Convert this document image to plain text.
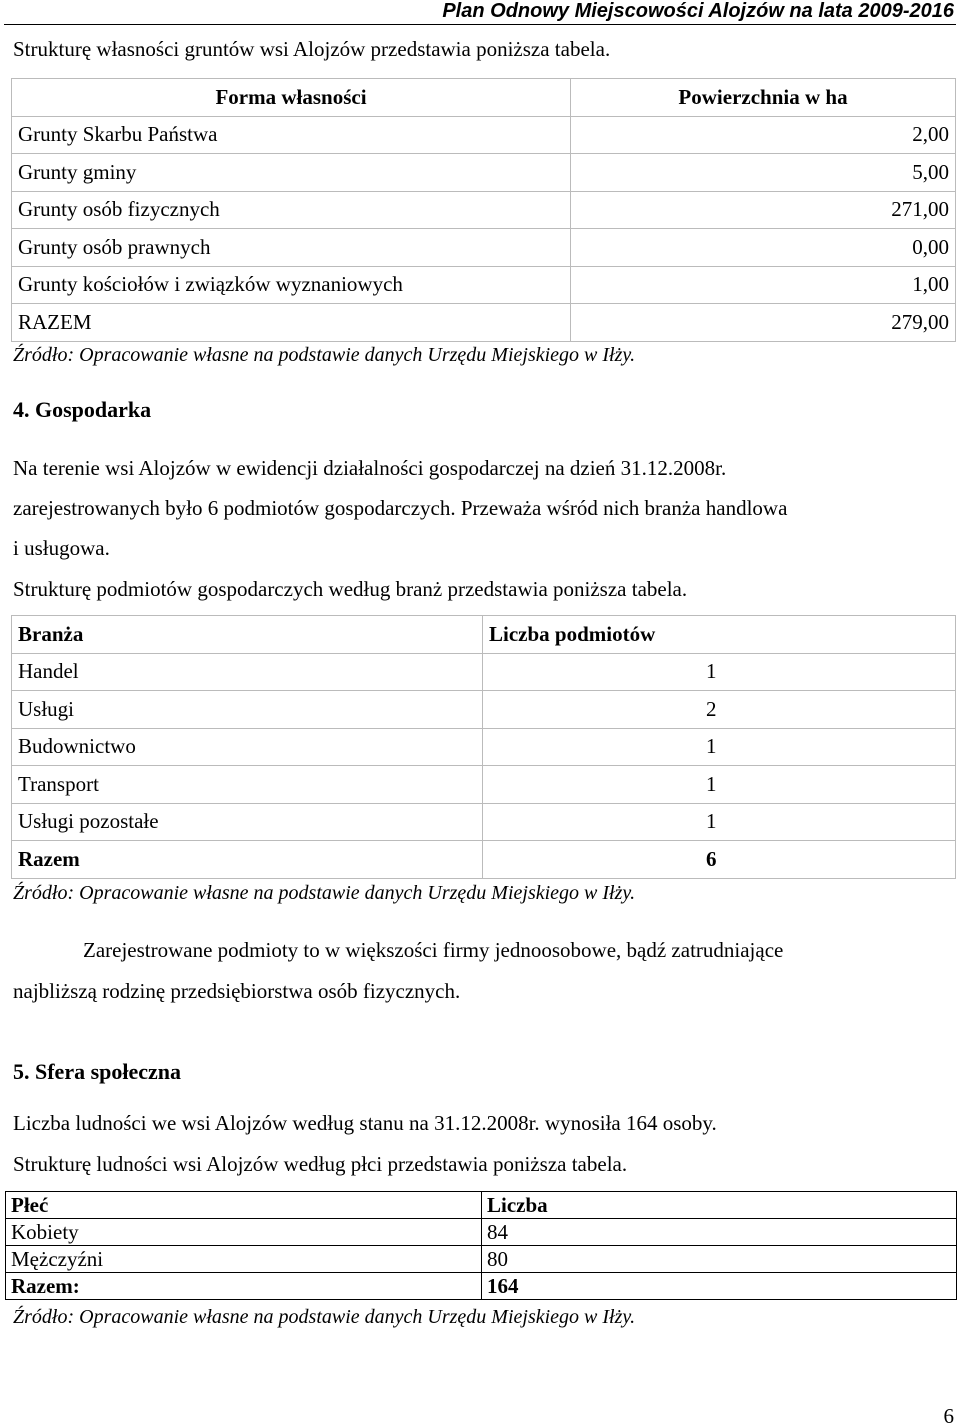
Plan Odnowy Miejscowości Alojzów na lata 2009-2016
Strukturę własności gruntów wsi Alojzów przedstawia poniższa tabela.
Forma własności	Powierzchnia w ha
Grunty Skarbu Państwa	2,00
Grunty gminy	5,00
Grunty osób fizycznych	271,00
Grunty osób prawnych	0,00
Grunty kościołów i związków wyznaniowych	1,00
RAZEM	279,00
Źródło: Opracowanie własne na podstawie danych Urzędu Miejskiego w Iłży.
4. Gospodarka
Na terenie wsi Alojzów w ewidencji działalności gospodarczej na dzień 31.12.2008r.
zarejestrowanych było 6 podmiotów gospodarczych. Przeważa wśród nich branża handlowa
i usługowa.
Strukturę podmiotów gospodarczych według branż przedstawia poniższa tabela.
Branża	Liczba podmiotów
Handel	1
Usługi	2
Budownictwo	1
Transport	1
Usługi pozostałe	1
Razem	6
Źródło: Opracowanie własne na podstawie danych Urzędu Miejskiego w Iłży.
Zarejestrowane podmioty to w większości firmy jednoosobowe, bądź zatrudniające
najbliższą rodzinę przedsiębiorstwa osób fizycznych.
5. Sfera społeczna
Liczba ludności we wsi Alojzów według stanu na 31.12.2008r. wynosiła 164 osoby.
Strukturę ludności wsi Alojzów według płci przedstawia poniższa tabela.
Płeć	Liczba
Kobiety	84
Mężczyźni	80
Razem:	164
Źródło: Opracowanie własne na podstawie danych Urzędu Miejskiego w Iłży.
6
